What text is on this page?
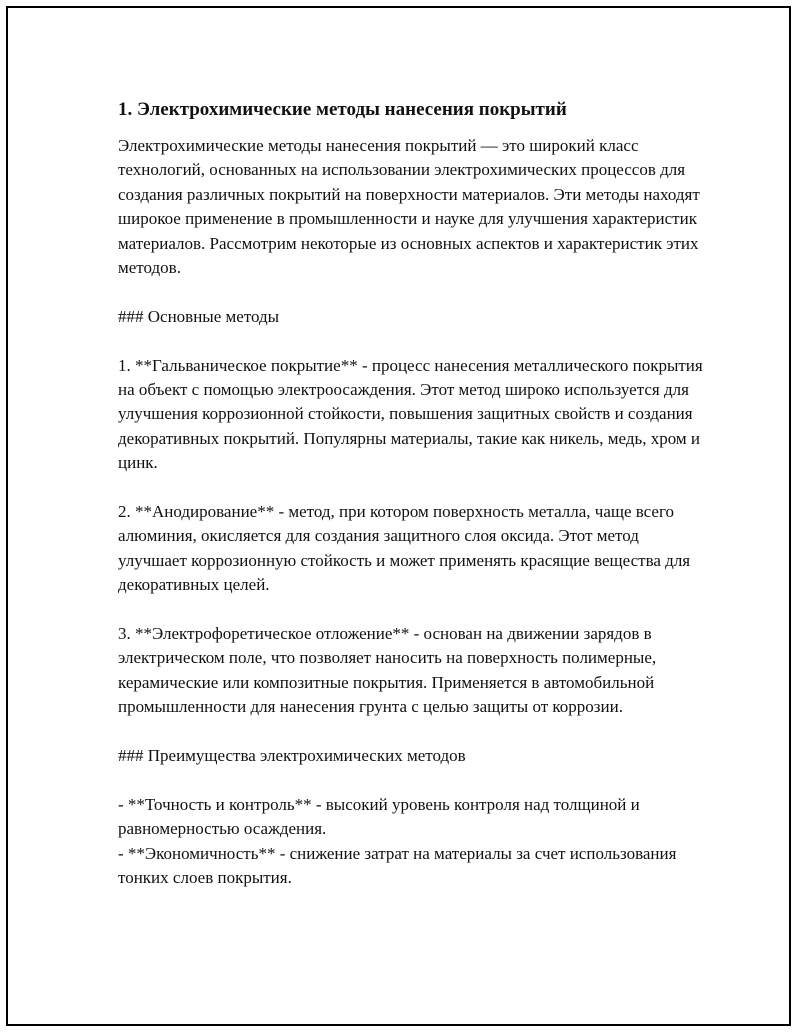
1. Электрохимические методы нанесения покрытий

Электрохимические методы нанесения покрытий — это широкий класс технологий, основанных на использовании электрохимических процессов для создания различных покрытий на поверхности материалов. Эти методы находят широкое применение в промышленности и науке для улучшения характеристик материалов. Рассмотрим некоторые из основных аспектов и характеристик этих методов.

### Основные методы

1. **Гальваническое покрытие** - процесс нанесения металлического покрытия на объект с помощью электроосаждения. Этот метод широко используется для улучшения коррозионной стойкости, повышения защитных свойств и создания декоративных покрытий. Популярны материалы, такие как никель, медь, хром и цинк.

2. **Анодирование** - метод, при котором поверхность металла, чаще всего алюминия, окисляется для создания защитного слоя оксида. Этот метод улучшает коррозионную стойкость и может применять красящие вещества для декоративных целей.

3. **Электрофоретическое отложение** - основан на движении зарядов в электрическом поле, что позволяет наносить на поверхность полимерные, керамические или композитные покрытия. Применяется в автомобильной промышленности для нанесения грунта с целью защиты от коррозии.

### Преимущества электрохимических методов

- **Точность и контроль** - высокий уровень контроля над толщиной и равномерностью осаждения.

- **Экономичность** - снижение затрат на материалы за счет использования тонких слоев покрытия.
